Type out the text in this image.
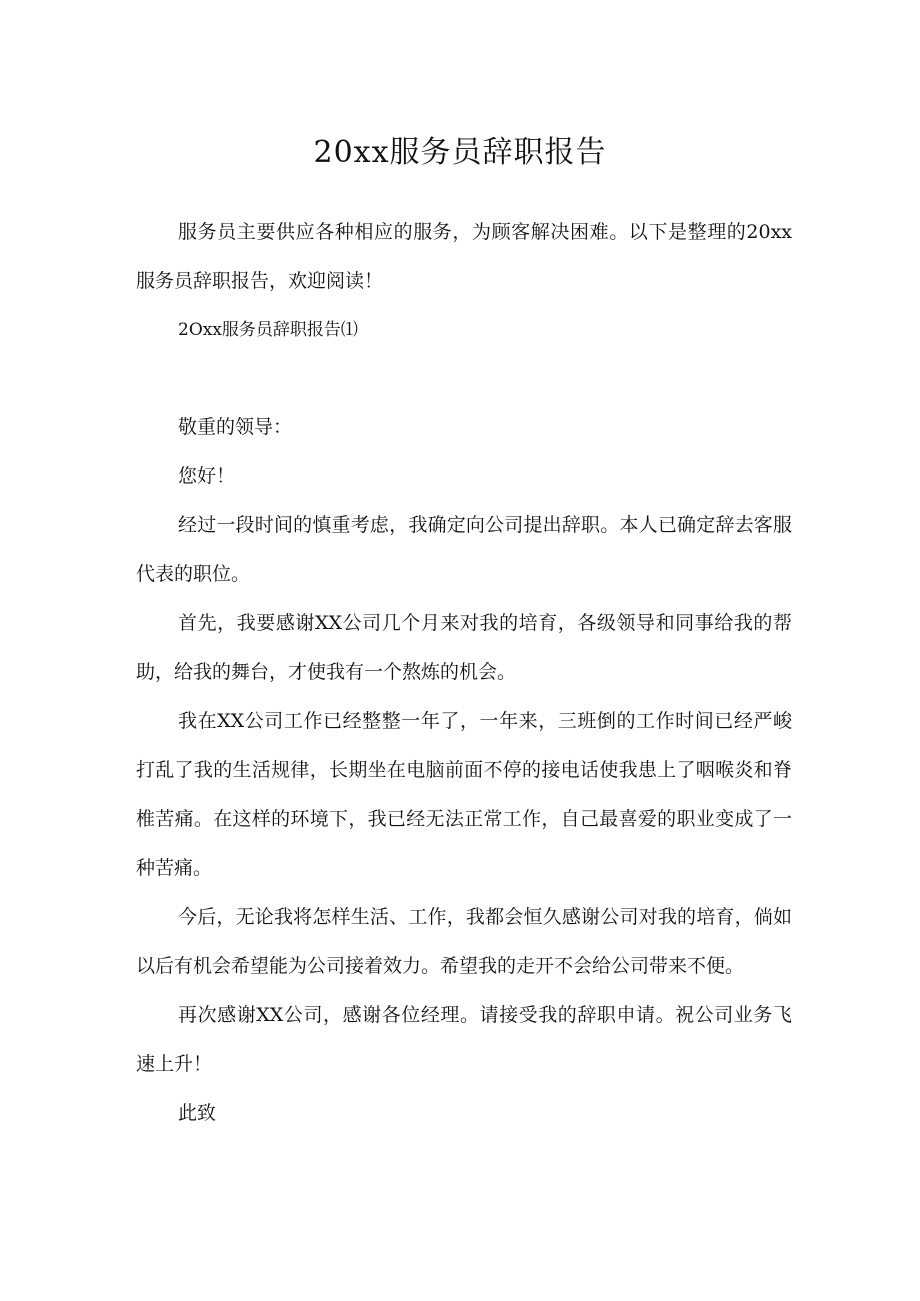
20xx服务员辞职报告

服务员主要供应各种相应的服务，为顾客解决困难。以下是整理的20xx服务员辞职报告，欢迎阅读！

2Oxx服务员辞职报告⑴

敬重的领导：

您好！

经过一段时间的慎重考虑，我确定向公司提出辞职。本人已确定辞去客服代表的职位。

首先，我要感谢XX公司几个月来对我的培育，各级领导和同事给我的帮助，给我的舞台，才使我有一个熬炼的机会。

我在XX公司工作已经整整一年了，一年来，三班倒的工作时间已经严峻打乱了我的生活规律，长期坐在电脑前面不停的接电话使我患上了咽喉炎和脊椎苦痛。在这样的环境下，我已经无法正常工作，自己最喜爱的职业变成了一种苦痛。

今后，无论我将怎样生活、工作，我都会恒久感谢公司对我的培育，倘如以后有机会希望能为公司接着效力。希望我的走开不会给公司带来不便。

再次感谢XX公司，感谢各位经理。请接受我的辞职申请。祝公司业务飞速上升！

此致
